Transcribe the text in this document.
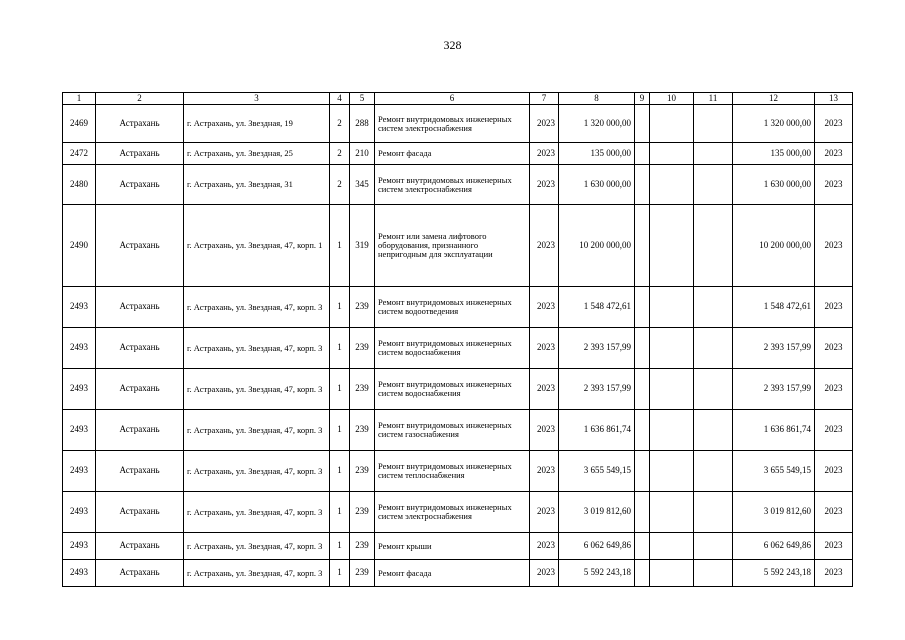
328
1	2	3	4	5	6	7	8	9	10	11	12	13
2469	Астрахань	г. Астрахань, ул. Звездная, 19	2	288	Ремонт внутридомовых инженерных систем электроснабжения	2023	1 320 000,00				1 320 000,00	2023
2472	Астрахань	г. Астрахань, ул. Звездная, 25	2	210	Ремонт фасада	2023	135 000,00				135 000,00	2023
2480	Астрахань	г. Астрахань, ул. Звездная, 31	2	345	Ремонт внутридомовых инженерных систем электроснабжения	2023	1 630 000,00				1 630 000,00	2023
2490	Астрахань	г. Астрахань, ул. Звездная, 47, корп. 1	1	319	Ремонт или замена лифтового оборудования, признанного непригодным для эксплуатации	2023	10 200 000,00				10 200 000,00	2023
2493	Астрахань	г. Астрахань, ул. Звездная, 47, корп. 3	1	239	Ремонт внутридомовых инженерных систем водоотведения	2023	1 548 472,61				1 548 472,61	2023
2493	Астрахань	г. Астрахань, ул. Звездная, 47, корп. 3	1	239	Ремонт внутридомовых инженерных систем водоснабжения	2023	2 393 157,99				2 393 157,99	2023
2493	Астрахань	г. Астрахань, ул. Звездная, 47, корп. 3	1	239	Ремонт внутридомовых инженерных систем водоснабжения	2023	2 393 157,99				2 393 157,99	2023
2493	Астрахань	г. Астрахань, ул. Звездная, 47, корп. 3	1	239	Ремонт внутридомовых инженерных систем газоснабжения	2023	1 636 861,74				1 636 861,74	2023
2493	Астрахань	г. Астрахань, ул. Звездная, 47, корп. 3	1	239	Ремонт внутридомовых инженерных систем теплоснабжения	2023	3 655 549,15				3 655 549,15	2023
2493	Астрахань	г. Астрахань, ул. Звездная, 47, корп. 3	1	239	Ремонт внутридомовых инженерных систем электроснабжения	2023	3 019 812,60				3 019 812,60	2023
2493	Астрахань	г. Астрахань, ул. Звездная, 47, корп. 3	1	239	Ремонт крыши	2023	6 062 649,86				6 062 649,86	2023
2493	Астрахань	г. Астрахань, ул. Звездная, 47, корп. 3	1	239	Ремонт фасада	2023	5 592 243,18				5 592 243,18	2023
